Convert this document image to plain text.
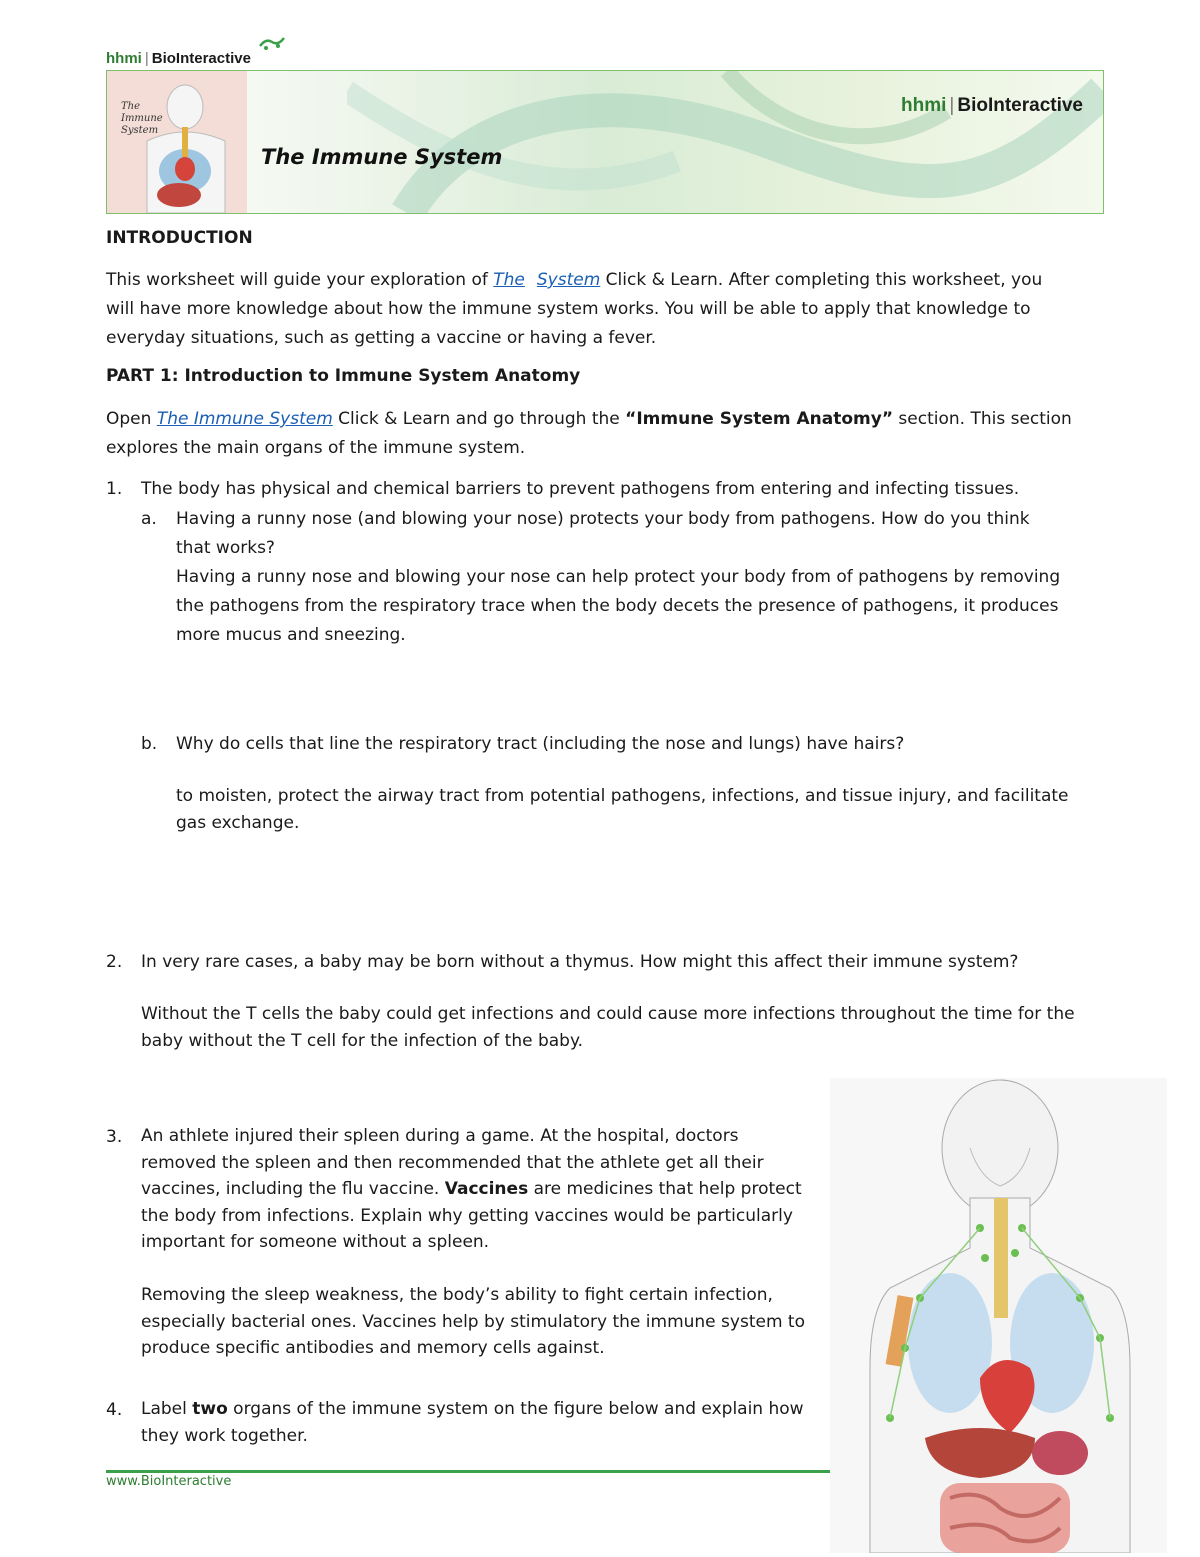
hhmi | BioInteractive
The Immune System
The Immune System
hhmi | BioInteractive
INTRODUCTION
This worksheet will guide your exploration of The System Click & Learn. After completing this worksheet, you
will have more knowledge about how the immune system works. You will be able to apply that knowledge to
everyday situations, such as getting a vaccine or having a fever.
PART 1: Introduction to Immune System Anatomy
Open The Immune System Click & Learn and go through the “Immune System Anatomy” section. This section
explores the main organs of the immune system.
1. The body has physical and chemical barriers to prevent pathogens from entering and infecting tissues.
a. Having a runny nose (and blowing your nose) protects your body from pathogens. How do you think
that works?
Having a runny nose and blowing your nose can help protect your body from of pathogens by removing
the pathogens from the respiratory trace when the body decets the presence of pathogens, it produces
more mucus and sneezing.
b. Why do cells that line the respiratory tract (including the nose and lungs) have hairs?
to moisten, protect the airway tract from potential pathogens, infections, and tissue injury, and facilitate
gas exchange.
2. In very rare cases, a baby may be born without a thymus. How might this affect their immune system?
Without the T cells the baby could get infections and could cause more infections throughout the time for the
baby without the T cell for the infection of the baby.
3. An athlete injured their spleen during a game. At the hospital, doctors
removed the spleen and then recommended that the athlete get all their
vaccines, including the flu vaccine. Vaccines are medicines that help protect
the body from infections. Explain why getting vaccines would be particularly
important for someone without a spleen.
Removing the sleep weakness, the body’s ability to fight certain infection,
especially bacterial ones. Vaccines help by stimulatory the immune system to
produce specific antibodies and memory cells against.
4. Label two organs of the immune system on the figure below and explain how
they work together.
www.BioInteractive
